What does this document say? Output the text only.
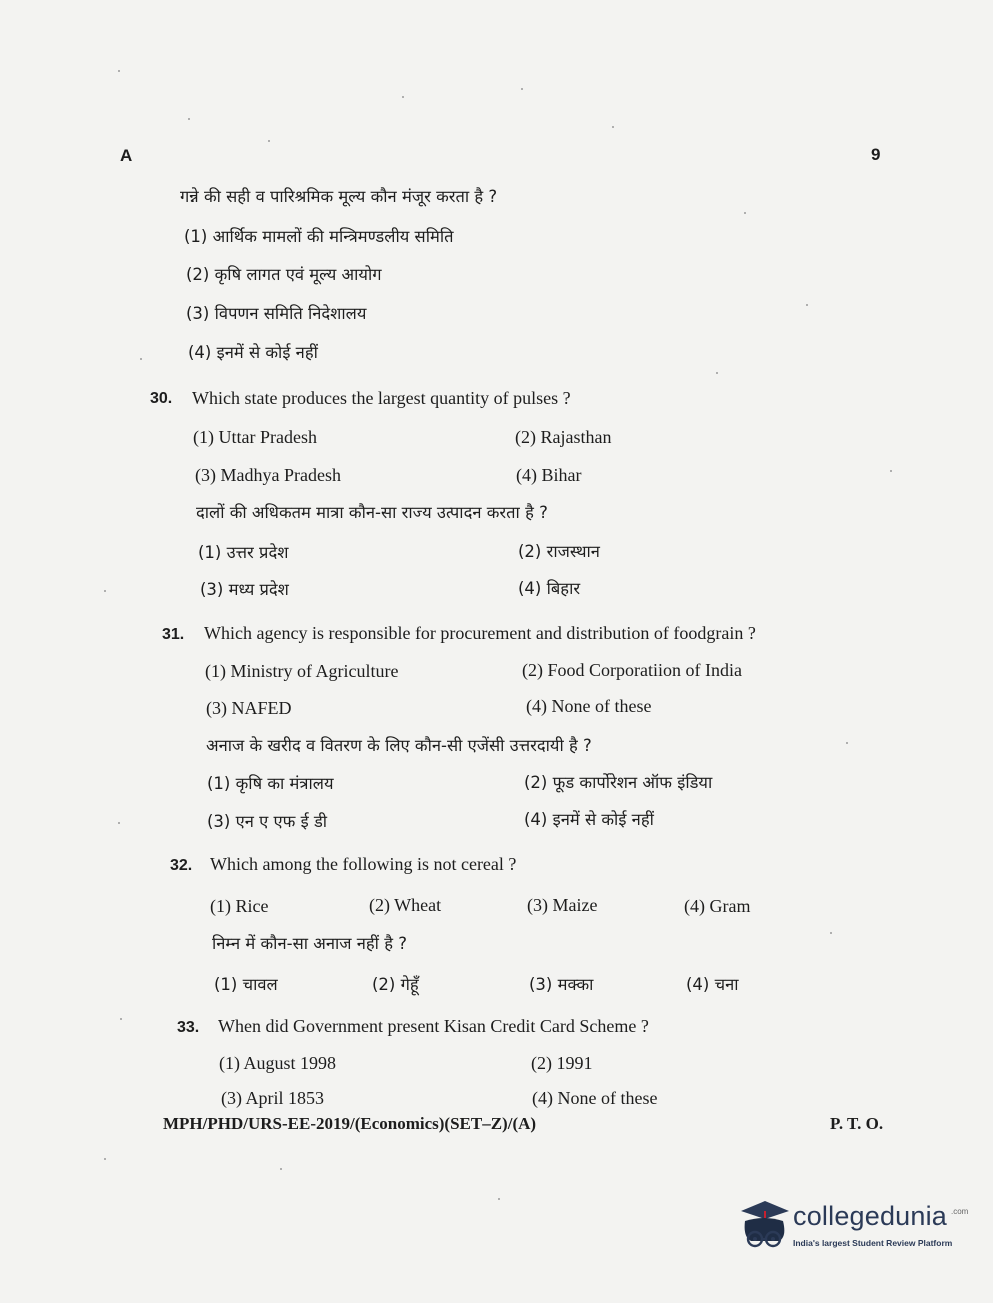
A	9
गन्ने की सही व पारिश्रमिक मूल्य कौन मंजूर करता है ?
(1) आर्थिक मामलों की मन्त्रिमण्डलीय समिति
(2) कृषि लागत एवं मूल्य आयोग
(3) विपणन समिति निदेशालय
(4) इनमें से कोई नहीं
30. Which state produces the largest quantity of pulses ?
(1) Uttar Pradesh	(2) Rajasthan
(3) Madhya Pradesh	(4) Bihar
दालों की अधिकतम मात्रा कौन-सा राज्य उत्पादन करता है ?
(1) उत्तर प्रदेश	(2) राजस्थान
(3) मध्य प्रदेश	(4) बिहार
31. Which agency is responsible for procurement and distribution of foodgrain ?
(1) Ministry of Agriculture	(2) Food Corporatiion of India
(3) NAFED	(4) None of these
अनाज के खरीद व वितरण के लिए कौन-सी एजेंसी उत्तरदायी है ?
(1) कृषि का मंत्रालय	(2) फूड कार्पोरेशन ऑफ इंडिया
(3) एन ए एफ ई डी	(4) इनमें से कोई नहीं
32. Which among the following is not cereal ?
(1) Rice	(2) Wheat	(3) Maize	(4) Gram
निम्न में कौन-सा अनाज नहीं है ?
(1) चावल	(2) गेहूँ	(3) मक्का	(4) चना
33. When did Government present Kisan Credit Card Scheme ?
(1) August 1998	(2) 1991
(3) April 1853	(4) None of these
MPH/PHD/URS-EE-2019/(Economics)(SET–Z)/(A)	P. T. O.
collegedunia .com
India's largest Student Review Platform
